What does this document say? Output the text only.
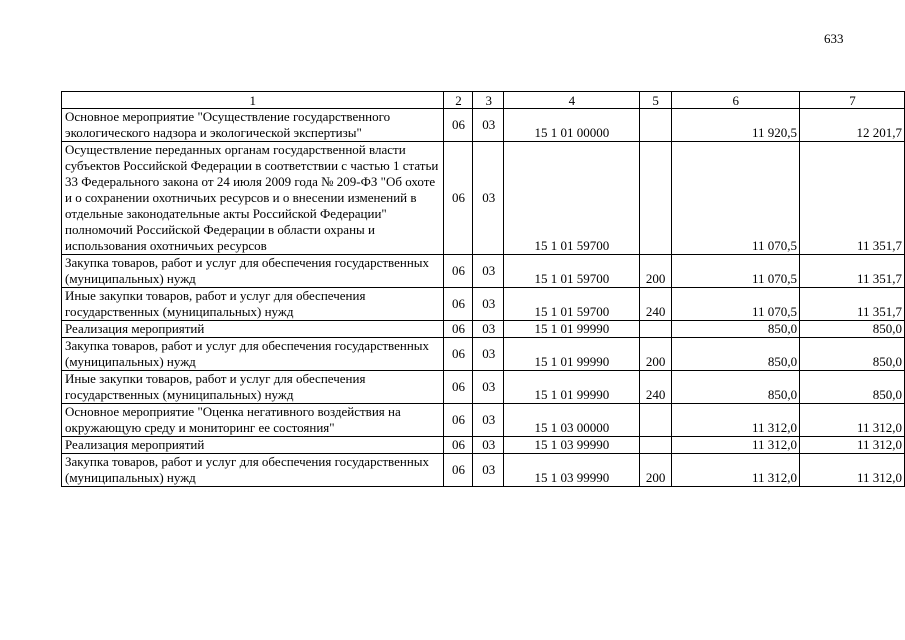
633
1	2	3	4	5	6	7
Основное мероприятие "Осуществление государственного экологического надзора и экологической экспертизы"	06	03	15 1 01 00000		11 920,5	12 201,7
Осуществление переданных органам государственной власти субъектов Российской Федерации в соответствии с частью 1 статьи 33 Федерального закона от 24 июля 2009 года № 209-ФЗ "Об охоте и о сохранении охотничьих ресурсов и о внесении изменений в отдельные законодательные акты Российской Федерации" полномочий Российской Федерации в области охраны и использования охотничьих ресурсов	06	03	15 1 01 59700		11 070,5	11 351,7
Закупка товаров, работ и услуг для обеспечения государственных (муниципальных) нужд	06	03	15 1 01 59700	200	11 070,5	11 351,7
Иные закупки товаров, работ и услуг для обеспечения государственных (муниципальных) нужд	06	03	15 1 01 59700	240	11 070,5	11 351,7
Реализация мероприятий	06	03	15 1 01 99990		850,0	850,0
Закупка товаров, работ и услуг для обеспечения государственных (муниципальных) нужд	06	03	15 1 01 99990	200	850,0	850,0
Иные закупки товаров, работ и услуг для обеспечения государственных (муниципальных) нужд	06	03	15 1 01 99990	240	850,0	850,0
Основное мероприятие "Оценка негативного воздействия на окружающую среду и мониторинг ее состояния"	06	03	15 1 03 00000		11 312,0	11 312,0
Реализация мероприятий	06	03	15 1 03 99990		11 312,0	11 312,0
Закупка товаров, работ и услуг для обеспечения государственных (муниципальных) нужд	06	03	15 1 03 99990	200	11 312,0	11 312,0
